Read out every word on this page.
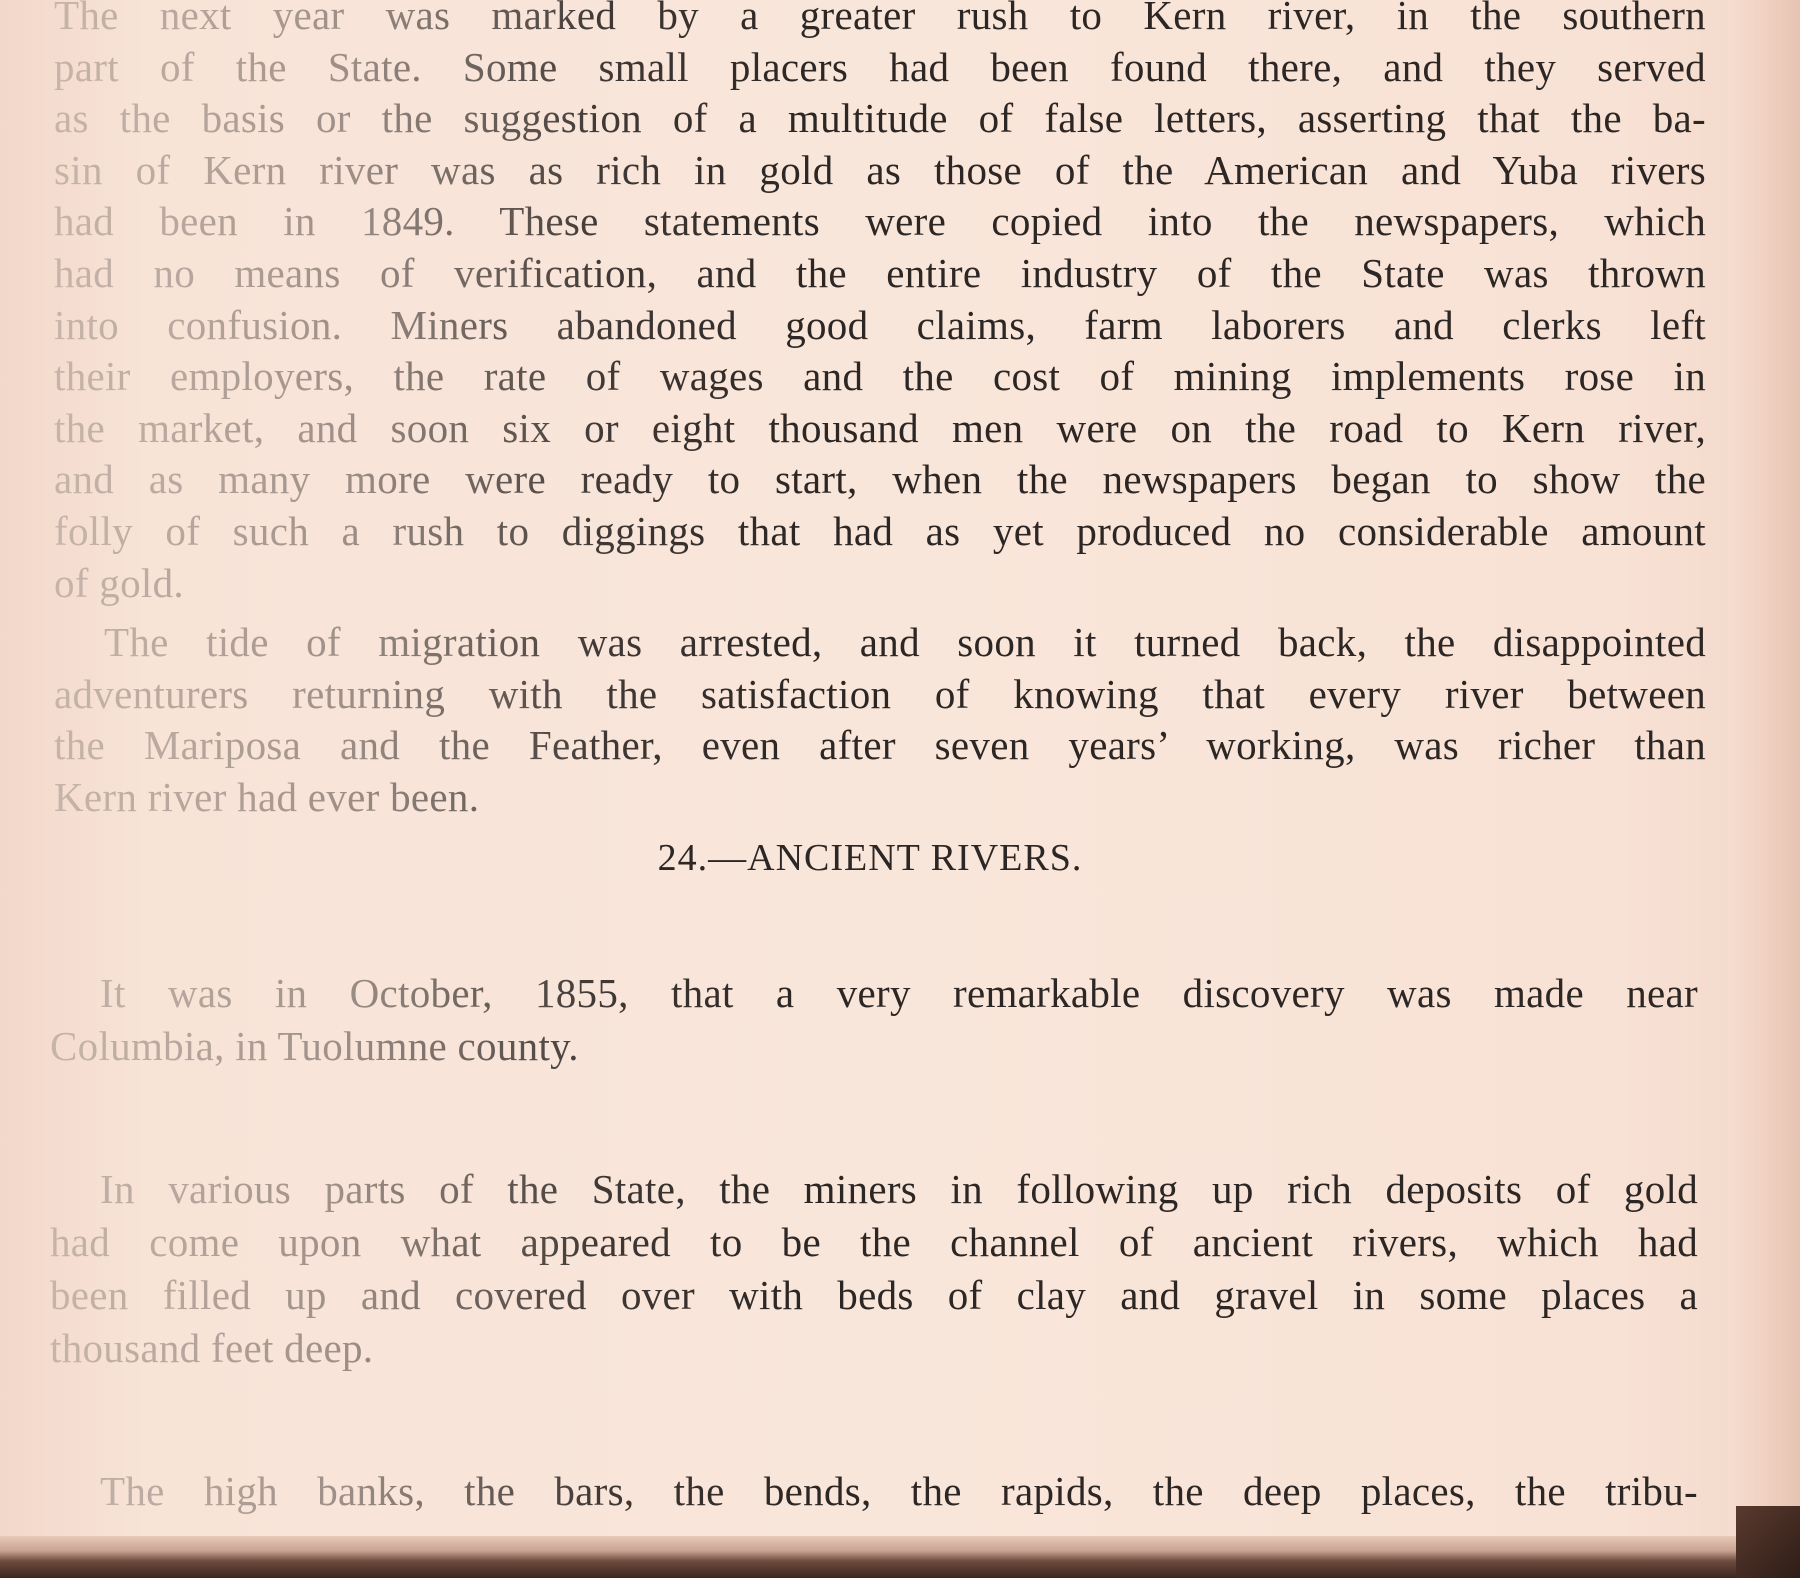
The next year was marked by a greater rush to Kern river, in the southern
part of the State. Some small placers had been found there, and they served
as the basis or the suggestion of a multitude of false letters, asserting that the ba-
sin of Kern river was as rich in gold as those of the American and Yuba rivers
had been in 1849. These statements were copied into the newspapers, which
had no means of verification, and the entire industry of the State was thrown
into confusion. Miners abandoned good claims, farm laborers and clerks left
their employers, the rate of wages and the cost of mining implements rose in
the market, and soon six or eight thousand men were on the road to Kern river,
and as many more were ready to start, when the newspapers began to show the
folly of such a rush to diggings that had as yet produced no considerable amount
of gold.

The tide of migration was arrested, and soon it turned back, the disappointed
adventurers returning with the satisfaction of knowing that every river between
the Mariposa and the Feather, even after seven years’ working, was richer than
Kern river had ever been.

24.—ANCIENT RIVERS.

It was in October, 1855, that a very remarkable discovery was made near
Columbia, in Tuolumne county.

In various parts of the State, the miners in following up rich deposits of gold
had come upon what appeared to be the channel of ancient rivers, which had
been filled up and covered over with beds of clay and gravel in some places a
thousand feet deep.

The high banks, the bars, the bends, the rapids, the deep places, the tribu-
